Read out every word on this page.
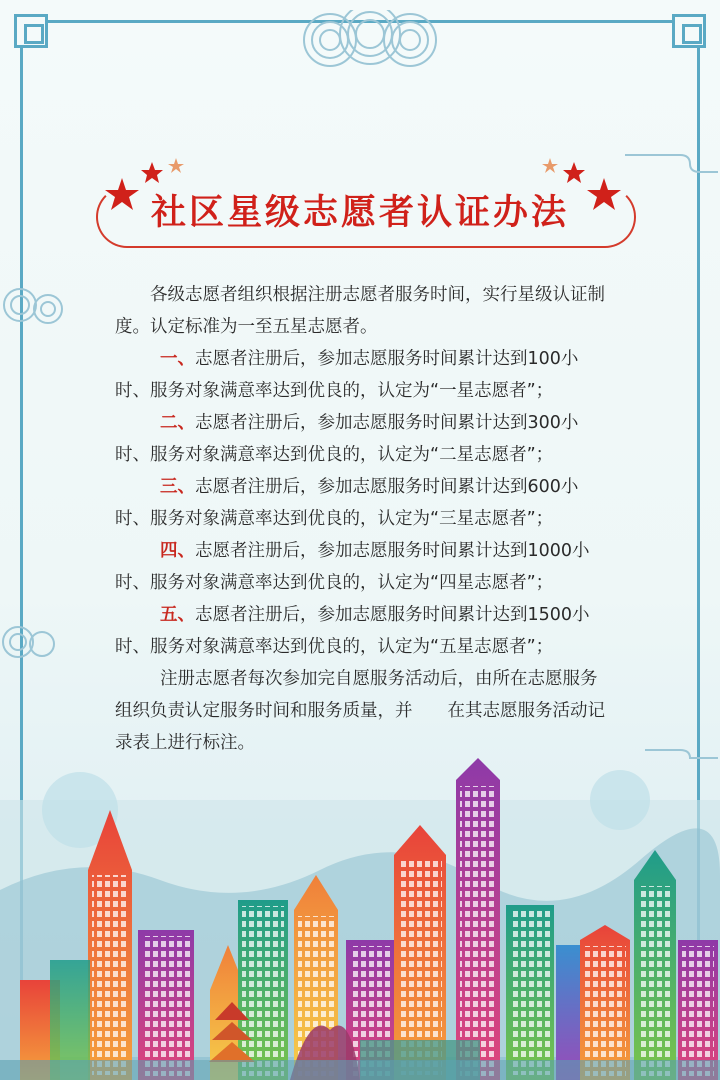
社区星级志愿者认证办法

各级志愿者组织根据注册志愿者服务时间，实行星级认证制度。认定标准为一至五星志愿者。

一、志愿者注册后，参加志愿服务时间累计达到100小时、服务对象满意率达到优良的，认定为“一星志愿者”；

二、志愿者注册后，参加志愿服务时间累计达到300小时、服务对象满意率达到优良的，认定为“二星志愿者”；

三、志愿者注册后，参加志愿服务时间累计达到600小时、服务对象满意率达到优良的，认定为“三星志愿者”；

四、志愿者注册后，参加志愿服务时间累计达到1000小时、服务对象满意率达到优良的，认定为“四星志愿者”；

五、志愿者注册后，参加志愿服务时间累计达到1500小时、服务对象满意率达到优良的，认定为“五星志愿者”；

注册志愿者每次参加完自愿服务活动后，由所在志愿服务组织负责认定服务时间和服务质量，并　　在其志愿服务活动记录表上进行标注。
